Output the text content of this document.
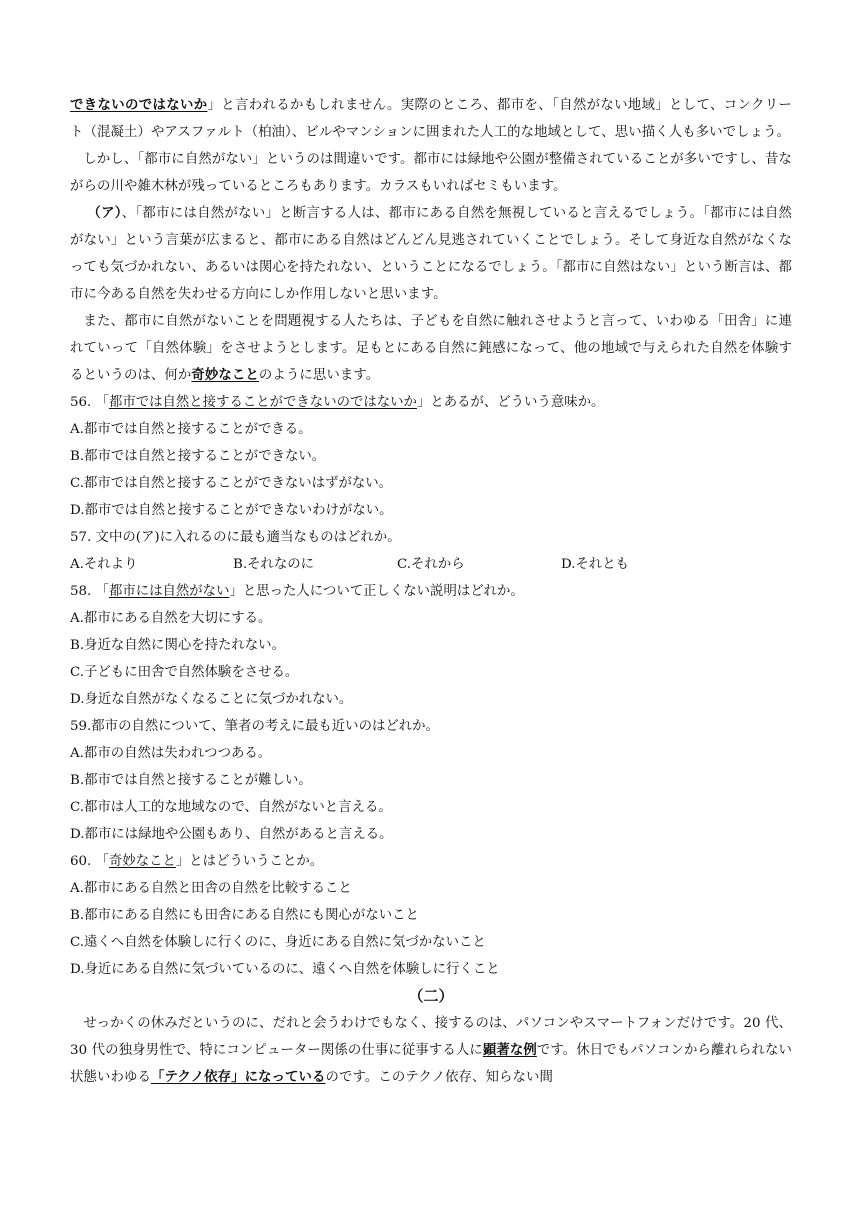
できないのではないか」と言われるかもしれません。実際のところ、都市を、「自然がない地域」として、コンクリート（混凝土）やアスファルト（柏油）、ビルやマンションに囲まれた人工的な地域として、思い描く人も多いでしょう。

しかし、「都市に自然がない」というのは間違いです。都市には緑地や公園が整備されていることが多いですし、昔ながらの川や雑木林が残っているところもあります。カラスもいればセミもいます。

（ア）、「都市には自然がない」と断言する人は、都市にある自然を無視していると言えるでしょう。「都市には自然がない」という言葉が広まると、都市にある自然はどんどん見逃されていくことでしょう。そして身近な自然がなくなっても気づかれない、あるいは関心を持たれない、ということになるでしょう。「都市に自然はない」という断言は、都市に今ある自然を失わせる方向にしか作用しないと思います。

また、都市に自然がないことを問題視する人たちは、子どもを自然に触れさせようと言って、いわゆる「田舎」に連れていって「自然体験」をさせようとします。足もとにある自然に鈍感になって、他の地域で与えられた自然を体験するというのは、何か奇妙なことのように思います。

56. 「都市では自然と接することができないのではないか」とあるが、どういう意味か。

A.都市では自然と接することができる。

B.都市では自然と接することができない。

C.都市では自然と接することができないはずがない。

D.都市では自然と接することができないわけがない。

57. 文中の(ア)に入れるのに最も適当なものはどれか。

A.それより	B.それなのに	C.それから	D.それとも

58. 「都市には自然がない」と思った人について正しくない説明はどれか。

A.都市にある自然を大切にする。

B.身近な自然に関心を持たれない。

C.子どもに田舎で自然体験をさせる。

D.身近な自然がなくなることに気づかれない。

59.都市の自然について、筆者の考えに最も近いのはどれか。

A.都市の自然は失われつつある。

B.都市では自然と接することが難しい。

C.都市は人工的な地域なので、自然がないと言える。

D.都市には緑地や公園もあり、自然があると言える。

60. 「奇妙なこと」とはどういうことか。

A.都市にある自然と田舎の自然を比較すること

B.都市にある自然にも田舎にある自然にも関心がないこと

C.遠くへ自然を体験しに行くのに、身近にある自然に気づかないこと

D.身近にある自然に気づいているのに、遠くへ自然を体験しに行くこと

（二）

せっかくの休みだというのに、だれと会うわけでもなく、接するのは、パソコンやスマートフォンだけです。20 代、30 代の独身男性で、特にコンピューター関係の仕事に従事する人に顕著な例です。休日でもパソコンから離れられない状態いわゆる「テクノ依存」になっているのです。このテクノ依存、知らない間
